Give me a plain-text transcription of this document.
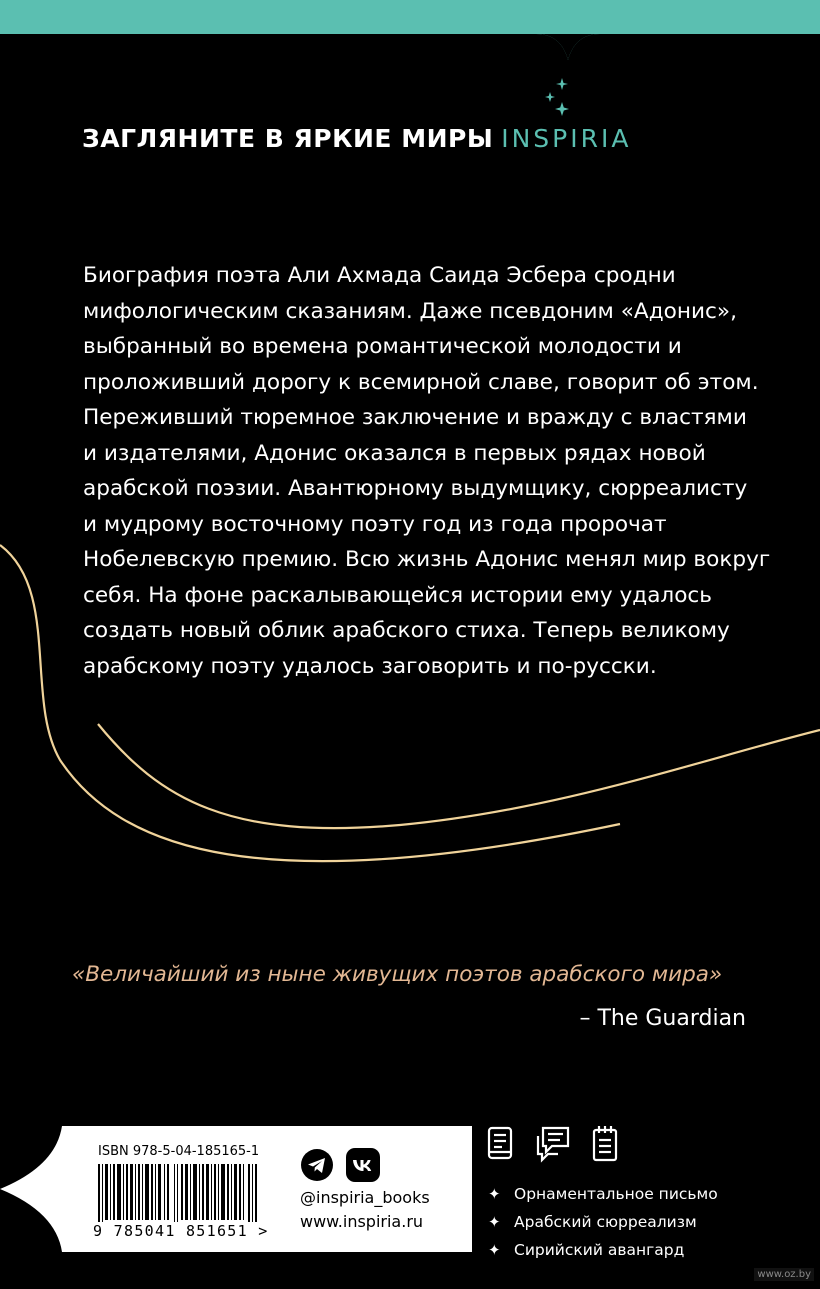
ЗАГЛЯНИТЕ В ЯРКИЕ МИРЫ INSPIRIA

Биография поэта Али Ахмада Саида Эсбера сродни

мифологическим сказаниям. Даже псевдоним «Адонис»,

выбранный во времена романтической молодости и

проложивший дорогу к всемирной славе, говорит об этом.

Переживший тюремное заключение и вражду с властями

и издателями, Адонис оказался в первых рядах новой

арабской поэзии. Авантюрному выдумщику, сюрреалисту

и мудрому восточному поэту год из года пророчат

Нобелевскую премию. Всю жизнь Адонис менял мир вокруг

себя. На фоне раскалывающейся истории ему удалось

создать новый облик арабского стиха. Теперь великому

арабскому поэту удалось заговорить и по-русски.

«Величайший из ныне живущих поэтов арабского мира»
– The Guardian
ISBN 978-5-04-185165-1
9 785041 851651 >
@inspiria_books
www.inspiria.ru
✦ Орнаментальное письмо
✦ Арабский сюрреализм
✦ Сирийский авангард
www.oz.by
